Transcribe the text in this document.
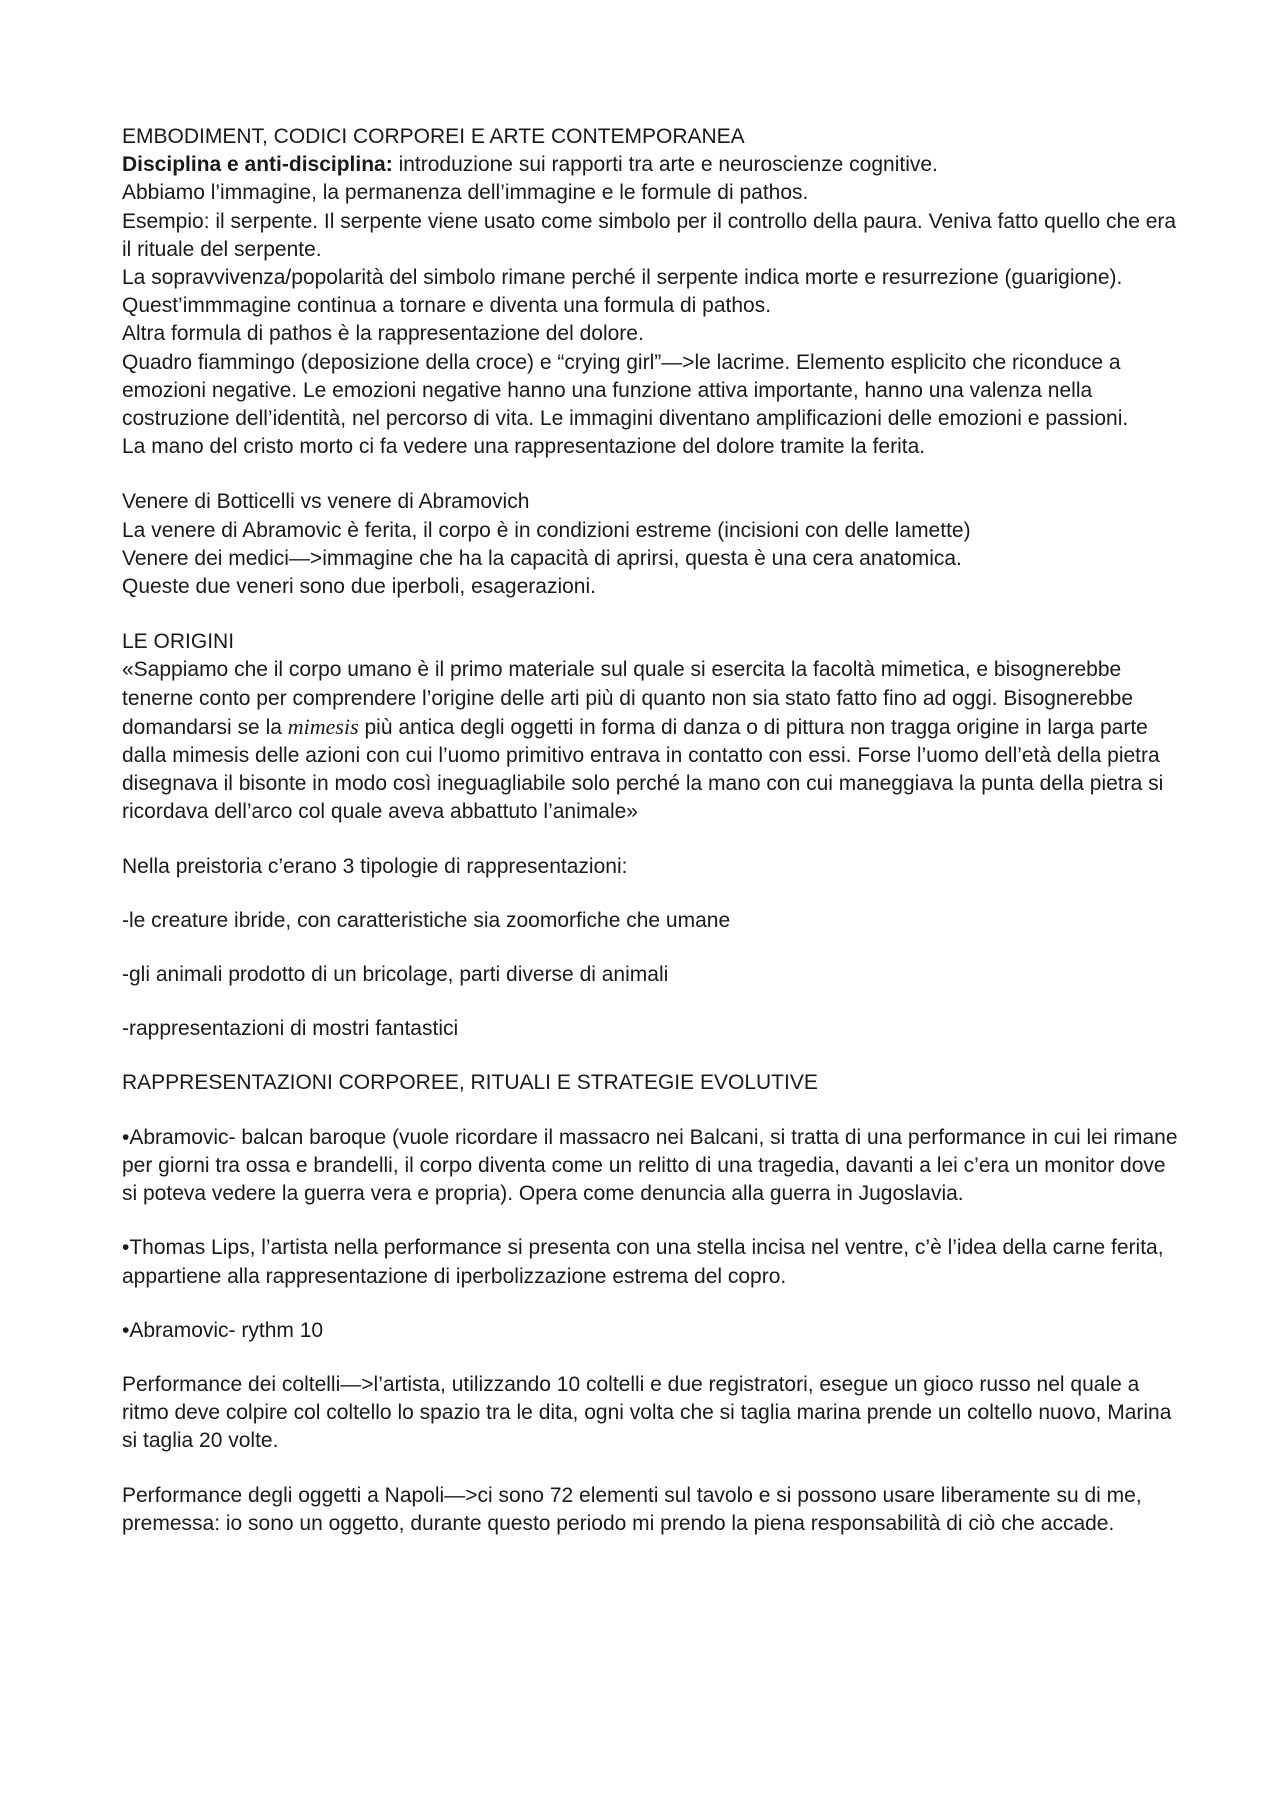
EMBODIMENT, CODICI CORPOREI E ARTE CONTEMPORANEA

Disciplina e anti-disciplina: introduzione sui rapporti tra arte e neuroscienze cognitive.

Abbiamo l’immagine, la permanenza dell’immagine e le formule di pathos.

Esempio: il serpente. Il serpente viene usato come simbolo per il controllo della paura. Veniva fatto quello che era il rituale del serpente.

La sopravvivenza/popolarità del simbolo rimane perché il serpente indica morte e resurrezione (guarigione).

Quest’immmagine continua a tornare e diventa una formula di pathos.

Altra formula di pathos è la rappresentazione del dolore.

Quadro fiammingo (deposizione della croce) e “crying girl”—>le lacrime. Elemento esplicito che riconduce a emozioni negative. Le emozioni negative hanno una funzione attiva importante, hanno una valenza nella costruzione dell’identità, nel percorso di vita. Le immagini diventano amplificazioni delle emozioni e passioni.

La mano del cristo morto ci fa vedere una rappresentazione del dolore tramite la ferita.

Venere di Botticelli vs venere di Abramovich

La venere di Abramovic è ferita, il corpo è in condizioni estreme (incisioni con delle lamette)

Venere dei medici—>immagine che ha la capacità di aprirsi, questa è una cera anatomica.

Queste due veneri sono due iperboli, esagerazioni.

LE ORIGINI

«Sappiamo che il corpo umano è il primo materiale sul quale si esercita la facoltà mimetica, e bisognerebbe tenerne conto per comprendere l’origine delle arti più di quanto non sia stato fatto fino ad oggi. Bisognerebbe domandarsi se la mimesis più antica degli oggetti in forma di danza o di pittura non tragga origine in larga parte dalla mimesis delle azioni con cui l’uomo primitivo entrava in contatto con essi. Forse l’uomo dell’età della pietra disegnava il bisonte in modo così ineguagliabile solo perché la mano con cui maneggiava la punta della pietra si ricordava dell’arco col quale aveva abbattuto l’animale»

Nella preistoria c’erano 3 tipologie di rappresentazioni:

-le creature ibride, con caratteristiche sia zoomorfiche che umane

-gli animali prodotto di un bricolage, parti diverse di animali

-rappresentazioni di mostri fantastici

RAPPRESENTAZIONI CORPOREE, RITUALI E STRATEGIE EVOLUTIVE

•Abramovic- balcan baroque (vuole ricordare il massacro nei Balcani, si tratta di una performance in cui lei rimane per giorni tra ossa e brandelli, il corpo diventa come un relitto di una tragedia, davanti a lei c’era un monitor dove si poteva vedere la guerra vera e propria). Opera come denuncia alla guerra in Jugoslavia.

•Thomas Lips, l’artista nella performance si presenta con una stella incisa nel ventre, c’è l’idea della carne ferita, appartiene alla rappresentazione di iperbolizzazione estrema del copro.

•Abramovic- rythm 10

Performance dei coltelli—>l’artista, utilizzando 10 coltelli e due registratori, esegue un gioco russo nel quale a ritmo deve colpire col coltello lo spazio tra le dita, ogni volta che si taglia marina prende un coltello nuovo, Marina si taglia 20 volte.

Performance degli oggetti a Napoli—>ci sono 72 elementi sul tavolo e si possono usare liberamente su di me, premessa: io sono un oggetto, durante questo periodo mi prendo la piena responsabilità di ciò che accade.
